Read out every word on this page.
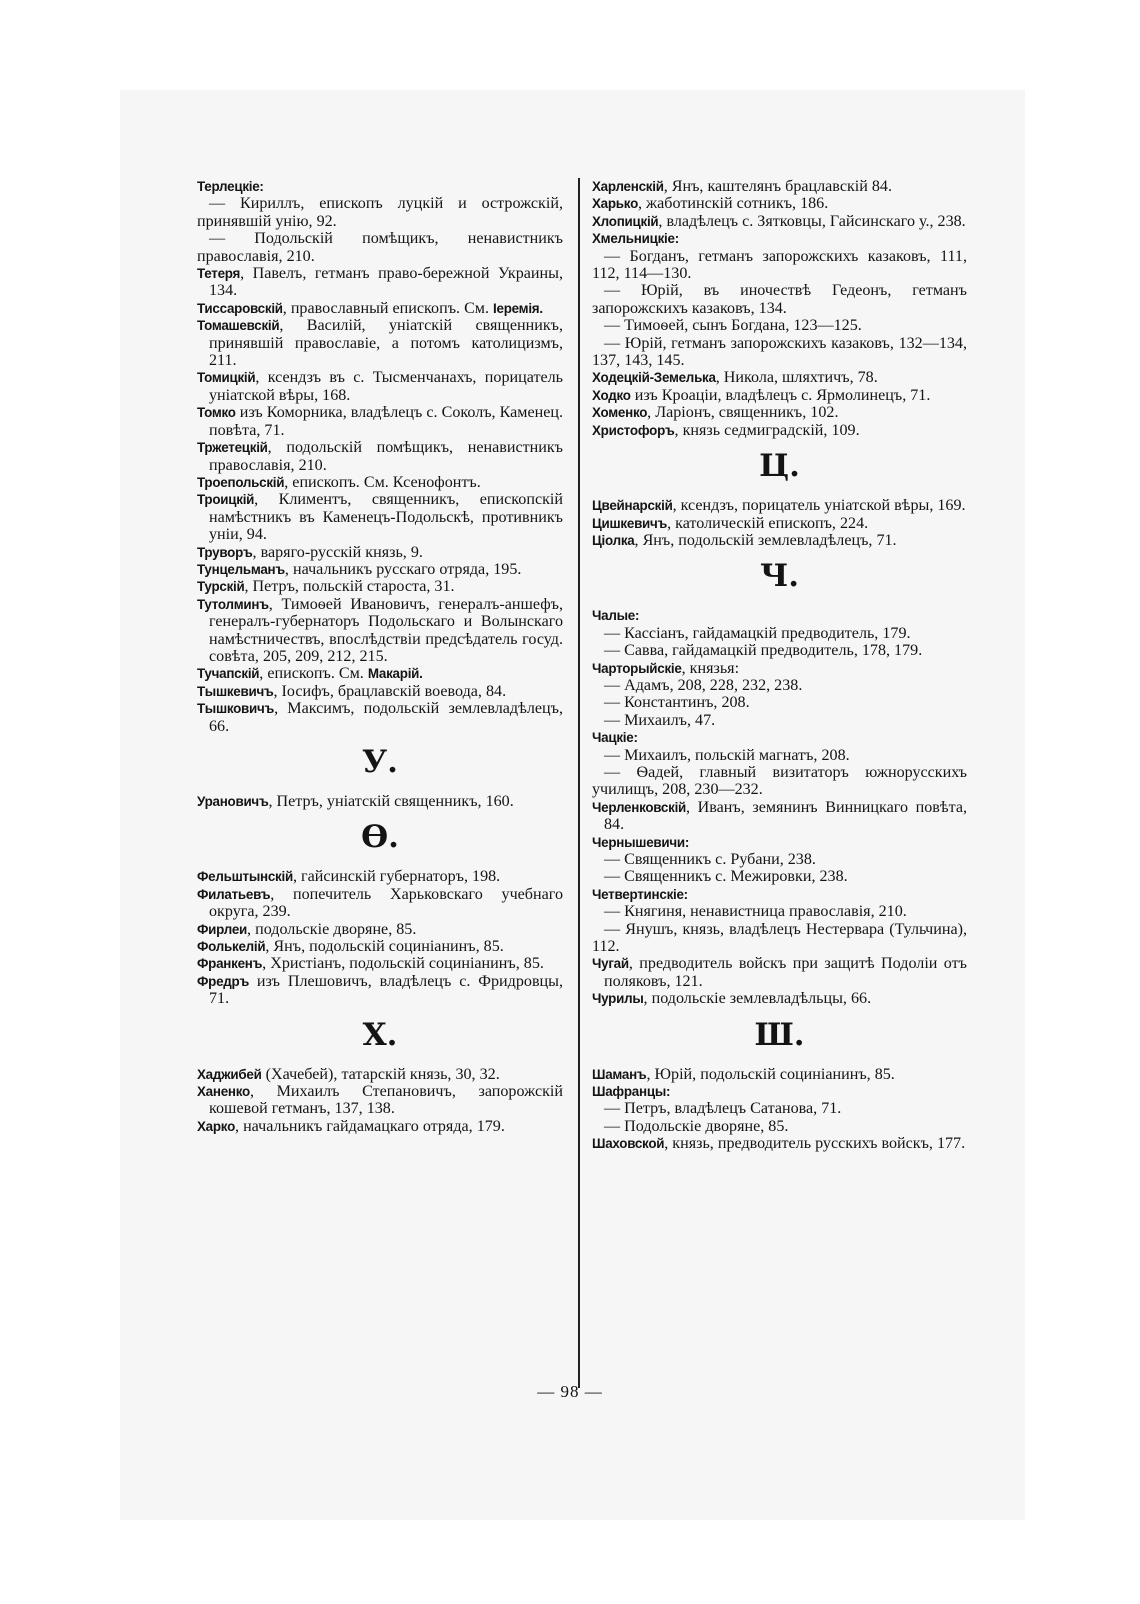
Терлецкіе:

— Кириллъ, епископъ луцкій и острожскій, принявшій унію, 92.

— Подольскій помѣщикъ, ненавистникъ православія, 210.

Тетеря, Павелъ, гетманъ право-бережной Украины, 134.

Тиссаровскій, православный епископъ. См. Іеремія.

Томашевскій, Василій, уніатскій священникъ, принявшій православіе, а потомъ католицизмъ, 211.

Томицкій, ксендзъ въ с. Тысменчанахъ, порицатель уніатской вѣры, 168.

Томко изъ Коморника, владѣлецъ с. Соколъ, Каменец. повѣта, 71.

Тржетецкій, подольскій помѣщикъ, ненавистникъ православія, 210.

Троепольскій, епископъ. См. Ксенофонтъ.

Троицкій, Климентъ, священникъ, епископскій намѣстникъ въ Каменецъ-Подольскѣ, противникъ уніи, 94.

Труворъ, варяго-русскій князь, 9.

Тунцельманъ, начальникъ русскаго отряда, 195.

Турскій, Петръ, польскій староста, 31.

Тутолминъ, Тимоѳей Ивановичъ, генералъ-аншефъ, генералъ-губернаторъ Подольскаго и Волынскаго намѣстничествъ, впослѣдствіи предсѣдатель госуд. совѣта, 205, 209, 212, 215.

Тучапскій, епископъ. См. Макарій.

Тышкевичъ, Іосифъ, брацлавскій воевода, 84.

Тышковичъ, Максимъ, подольскій землевладѣлецъ, 66.

У.

Урановичъ, Петръ, уніатскій священникъ, 160.

Ѳ.

Фельштынскій, гайсинскій губернаторъ, 198.

Филатьевъ, попечитель Харьковскаго учебнаго округа, 239.

Фирлеи, подольскіе дворяне, 85.

Фолькелій, Янъ, подольскій социніанинъ, 85.

Франкенъ, Христіанъ, подольскій социніанинъ, 85.

Фредръ изъ Плешовичъ, владѣлецъ с. Фридровцы, 71.

Х.

Хаджибей (Хачебей), татарскій князь, 30, 32.

Ханенко, Михаилъ Степановичъ, запорожскій кошевой гетманъ, 137, 138.

Харко, начальникъ гайдамацкаго отряда, 179.

Харленскій, Янъ, каштелянъ брацлавскій 84.

Харько, жаботинскій сотникъ, 186.

Хлопицкій, владѣлецъ с. Зятковцы, Гайсинскаго у., 238.

Хмельницкіе:

— Богданъ, гетманъ запорожскихъ казаковъ, 111, 112, 114—130.

— Юрій, въ иночествѣ Гедеонъ, гетманъ запорожскихъ казаковъ, 134.

— Тимоѳей, сынъ Богдана, 123—125.

— Юрій, гетманъ запорожскихъ казаковъ, 132—134, 137, 143, 145.

Ходецкій-Земелька, Никола, шляхтичъ, 78.

Ходко изъ Кроаціи, владѣлецъ с. Ярмолинецъ, 71.

Хоменко, Ларіонъ, священникъ, 102.

Христофоръ, князь седмиградскій, 109.

Ц.

Цвейнарскій, ксендзъ, порицатель уніатской вѣры, 169.

Цишкевичъ, католическій епископъ, 224.

Ціолка, Янъ, подольскій землевладѣлецъ, 71.

Ч.

Чалые:

— Кассіанъ, гайдамацкій предводитель, 179.

— Савва, гайдамацкій предводитель, 178, 179.

Чарторыйскіе, князья:

— Адамъ, 208, 228, 232, 238.

— Константинъ, 208.

— Михаилъ, 47.

Чацкіе:

— Михаилъ, польскій магнатъ, 208.

— Ѳадей, главный визитаторъ южнорусскихъ училищъ, 208, 230—232.

Черленковскій, Иванъ, земянинъ Винницкаго повѣта, 84.

Чернышевичи:

— Священникъ с. Рубани, 238.

— Священникъ с. Межировки, 238.

Четвертинскіе:

— Княгиня, ненавистница православія, 210.

— Янушъ, князь, владѣлецъ Нестервара (Тульчина), 112.

Чугай, предводитель войскъ при защитѣ Подоліи отъ поляковъ, 121.

Чурилы, подольскіе землевладѣльцы, 66.

Ш.

Шаманъ, Юрій, подольскій социніанинъ, 85.

Шафранцы:

— Петръ, владѣлецъ Сатанова, 71.

— Подольскіе дворяне, 85.

Шаховской, князь, предводитель русскихъ войскъ, 177.

— 98 —
